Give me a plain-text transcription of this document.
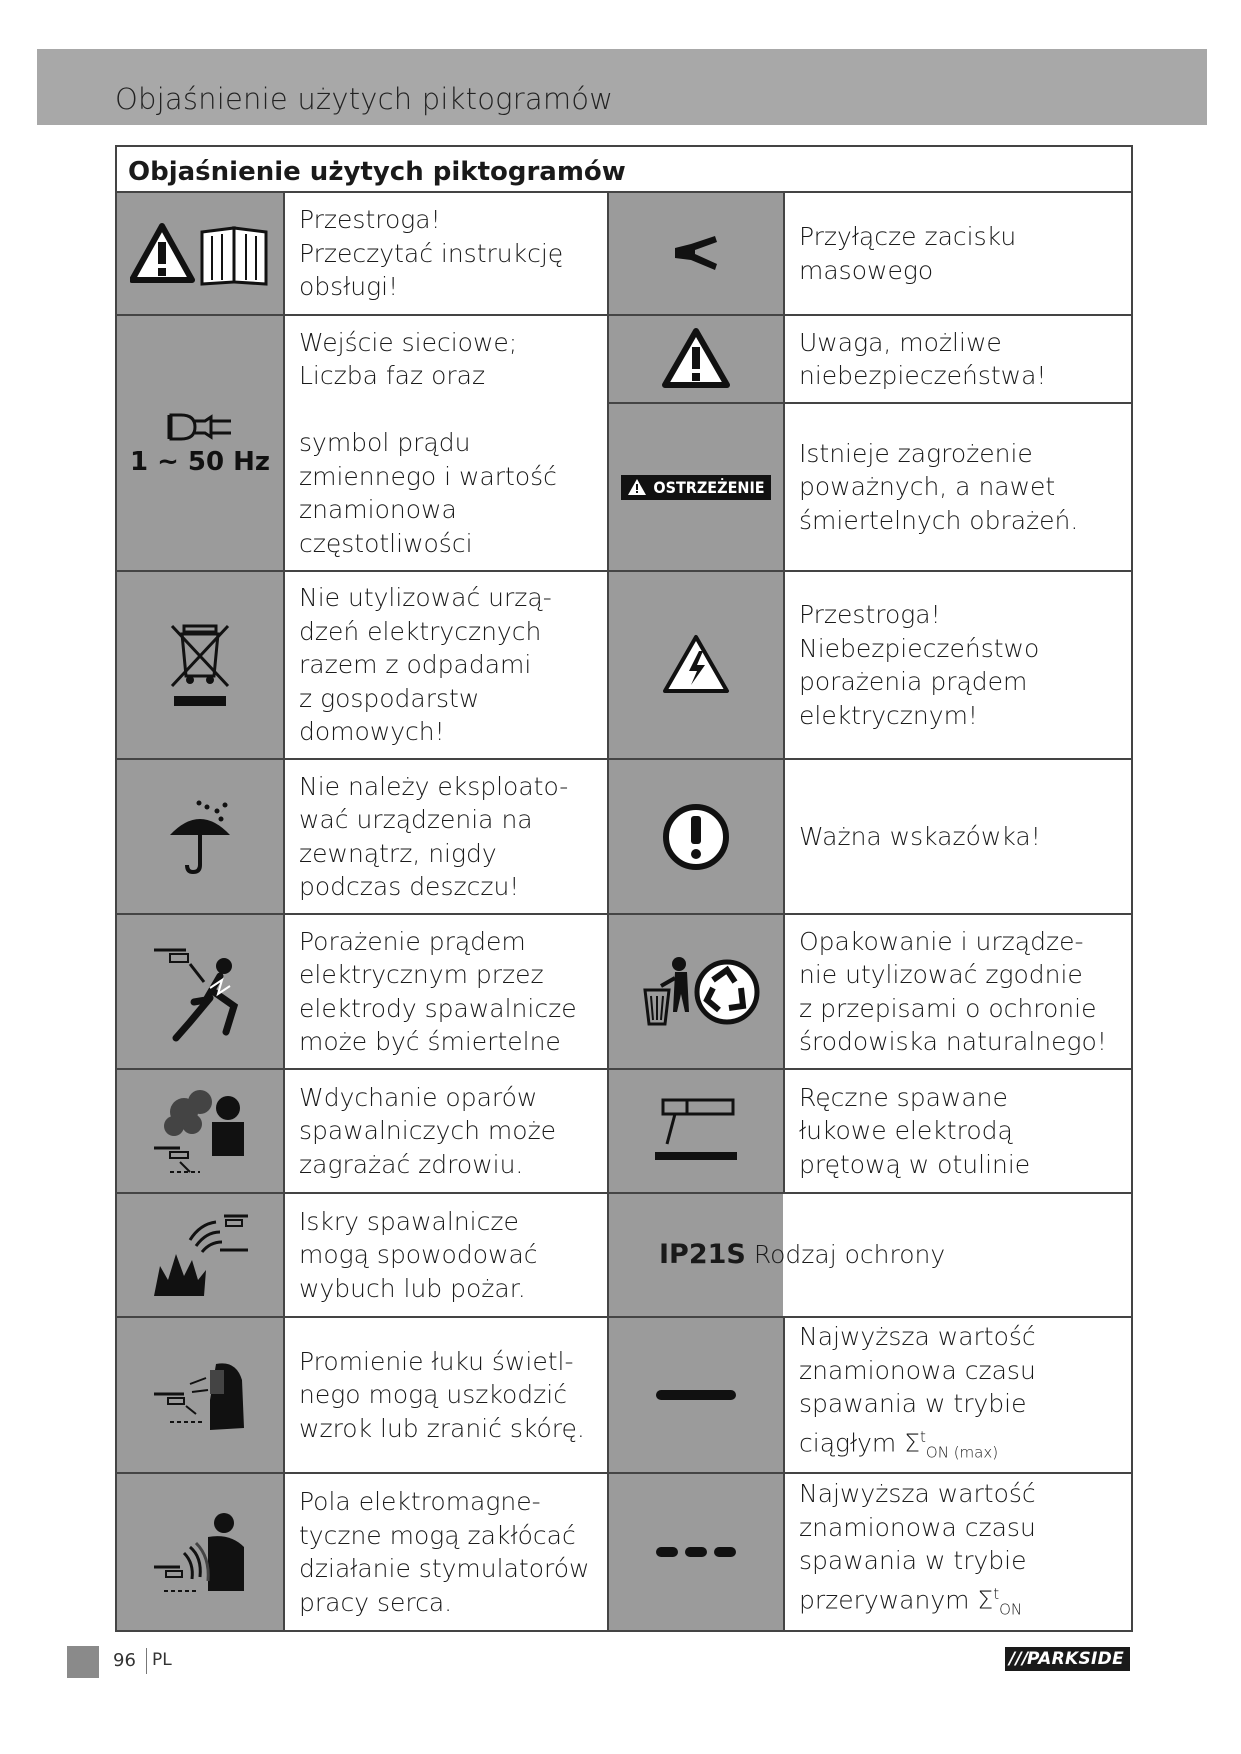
Objaśnienie użytych piktogramów
Objaśnienie użytych piktogramów
1 ~ 50 Hz
Przestroga!
Przeczytać instrukcję
obsługi!
Wejście sieciowe;
Liczba faz oraz

symbol prądu
zmiennego i wartość
znamionowa
częstotliwości
Nie utylizować urzą-
dzeń elektrycznych
razem z odpadami
z gospodarstw
domowych!
Nie należy eksploato-
wać urządzenia na
zewnątrz, nigdy
podczas deszczu!
Porażenie prądem
elektrycznym przez
elektrody spawalnicze
może być śmiertelne
Wdychanie oparów
spawalniczych może
zagrażać zdrowiu.
Iskry spawalnicze
mogą spowodować
wybuch lub pożar.
Promienie łuku świetl-
nego mogą uszkodzić
wzrok lub zranić skórę.
Pola elektromagne-
tyczne mogą zakłócać
działanie stymulatorów
pracy serca.
OSTRZEŻENIE
Przyłącze zacisku
masowego
Uwaga, możliwe
niebezpieczeństwa!
Istnieje zagrożenie
poważnych, a nawet
śmiertelnych obrażeń.
Przestroga!
Niebezpieczeństwo
porażenia prądem
elektrycznym!
Ważna wskazówka!
Opakowanie i urządze-
nie utylizować zgodnie
z przepisami o ochronie
środowiska naturalnego!
Ręczne spawane
łukowe elektrodą
prętową w otulinie
IP21S Rodzaj ochrony
Najwyższa wartość
znamionowa czasu
spawania w trybie
ciągłym $\Sigma^t_{ON (max)}$
Najwyższa wartość
znamionowa czasu
spawania w trybie
przerywanym $\Sigma^t_{ON}$
96 PL	///
PARKSIDE
